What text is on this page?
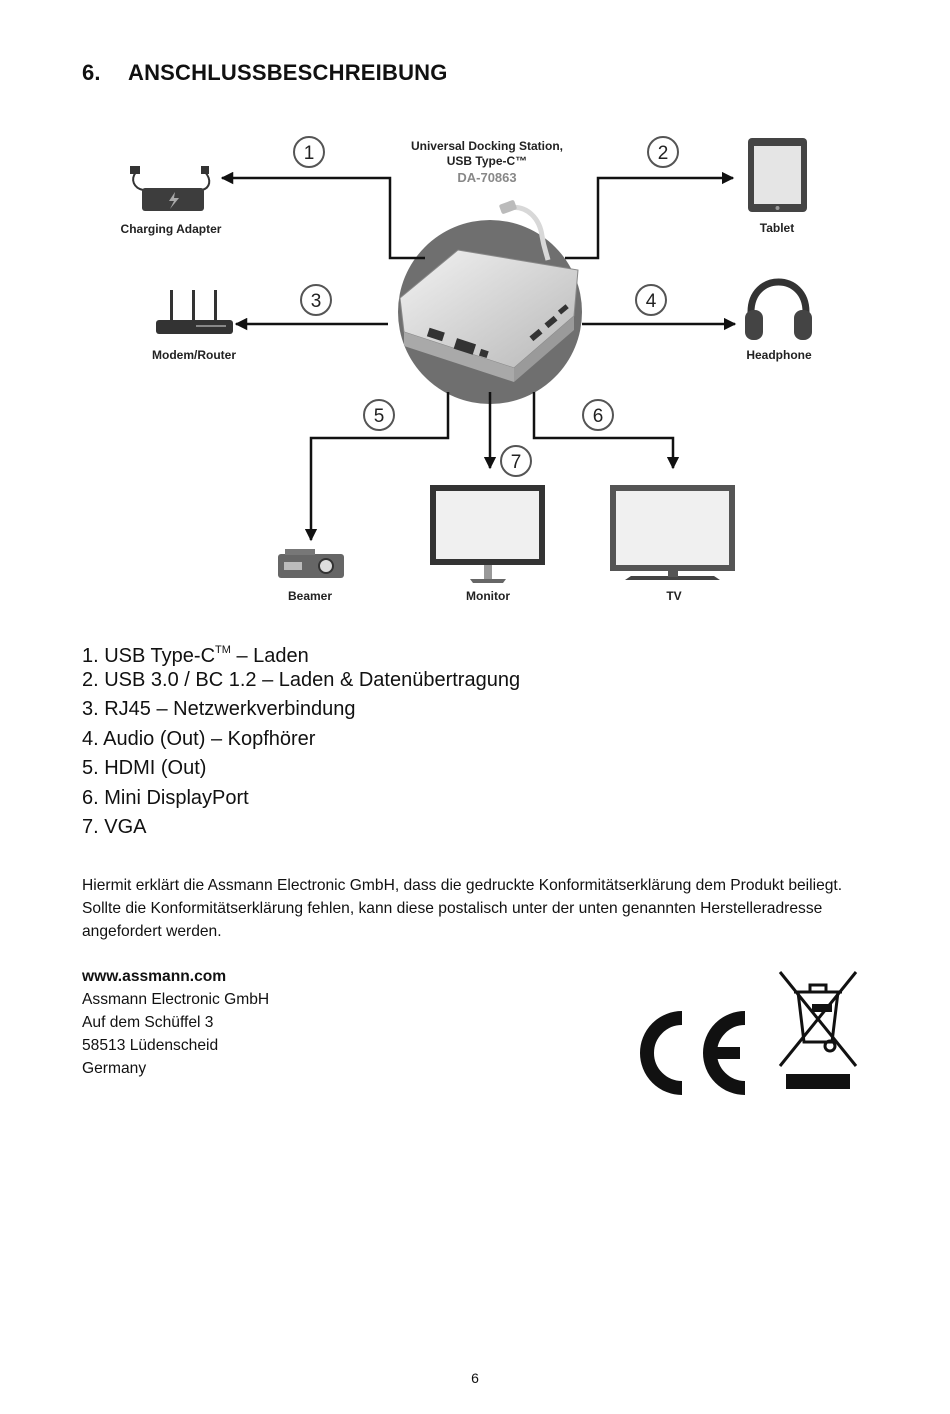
6. ANSCHLUSSBESCHREIBUNG
Universal Docking Station,
USB Type-C™
DA-70863
1	2
3	4
5	6
7
Charging Adapter	Tablet
Modem/Router	Headphone
Beamer	Monitor	TV
1. USB Type-C™ – Laden
2. USB 3.0 / BC 1.2 – Laden & Datenübertragung
3. RJ45 – Netzwerkverbindung
4. Audio (Out) – Kopfhörer
5. HDMI (Out)
6. Mini DisplayPort
7. VGA

Hiermit erklärt die Assmann Electronic GmbH, dass die gedruckte Konformitätserklärung dem Produkt beiliegt. Sollte die Konformitätserklärung fehlen, kann diese postalisch unter der unten genannten Herstelleradresse angefordert werden.

www.assmann.com
Assmann Electronic GmbH
Auf dem Schüffel 3
58513 Lüdenscheid
Germany
6
